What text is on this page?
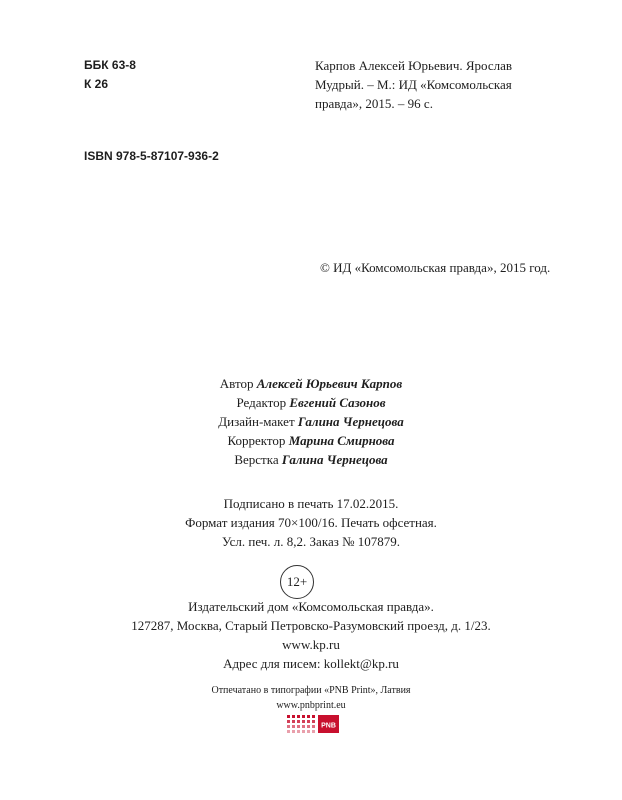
ББК 63-8
К 26
ISBN 978-5-87107-936-2
Карпов Алексей Юрьевич. Ярослав
Мудрый. – М.: ИД «Комсомольская
правда», 2015. – 96 с.
© ИД «Комсомольская правда», 2015 год.
Автор Алексей Юрьевич Карпов
Редактор Евгений Сазонов
Дизайн-макет Галина Чернецова
Корректор Марина Смирнова
Верстка Галина Чернецова
Подписано в печать 17.02.2015.
Формат издания 70×100/16. Печать офсетная.
Усл. печ. л. 8,2. Заказ № 107879.
12+
Издательский дом «Комсомольская правда».
127287, Москва, Старый Петровско-Разумовский проезд, д. 1/23.
www.kp.ru
Адрес для писем: kollekt@kp.ru
Отпечатано в типографии «PNB Print», Латвия
www.pnbprint.eu
PNB
